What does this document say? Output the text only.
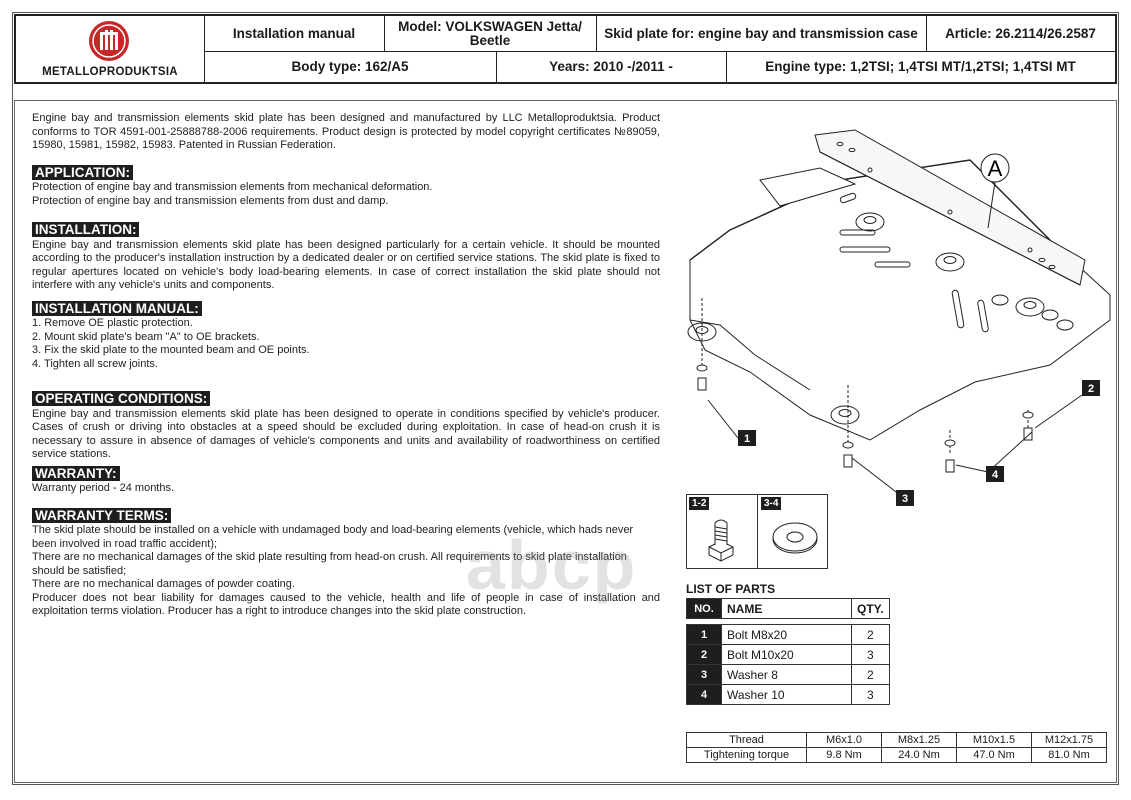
METALLOPRODUKTSIA
Installation manual	Model: VOLKSWAGEN Jetta/
Beetle	Skid plate for: engine bay and transmission case	Article: 26.2114/26.2587
Body type: 162/A5	Years: 2010 -/2011 -	Engine type: 1,2TSI; 1,4TSI MT/1,2TSI; 1,4TSI MT

Engine bay and transmission elements skid plate has been designed and manufactured by LLC Metalloproduktsia. Product conforms to TOR 4591-001-25888788-2006 requirements. Product design is protected by model copyright certificates №89059, 15980, 15981, 15982, 15983. Patented in Russian Federation.

APPLICATION:

Protection of engine bay and transmission elements from mechanical deformation.

Protection of engine bay and transmission elements from dust and damp.

INSTALLATION:

Engine bay and transmission elements skid plate has been designed particularly for a certain vehicle. It should be mounted according to the producer's installation instruction by a dedicated dealer or on certified service stations. The skid plate is fixed to regular apertures located on vehicle's body load-bearing elements. In case of correct installation the skid plate should not interfere with any vehicle's units and components.

INSTALLATION MANUAL:

1. Remove OE plastic protection.

2. Mount skid plate's beam "A" to OE brackets.

3. Fix the skid plate to the mounted beam and OE points.

4. Tighten all screw joints.

OPERATING CONDITIONS:

Engine bay and transmission elements skid plate has been designed to operate in conditions specified by vehicle's producer. Cases of crush or driving into obstacles at a speed should be excluded during exploitation. In case of head-on crush it is necessary to assure in absence of damages of vehicle's components and units and availability of roadworthiness on certified service stations.

WARRANTY:

Warranty period - 24 months.

WARRANTY TERMS:

The skid plate should be installed on a vehicle with undamaged body and load-bearing elements (vehicle, which hads never been involved in road traffic accident);

There are no mechanical damages of the skid plate resulting from head-on crush. All requirements to skid plate installation should be satisfied;

There are no mechanical damages of powder coating.

Producer does not bear liability for damages caused to the vehicle, health and life of people in case of installation and exploitation terms violation. Producer has a right to introduce changes into the skid plate construction.

abcp
A
1
2
3
4
1-2	3-4
LIST OF PARTS
NO.	NAME	QTY.

1	Bolt M8x20	2
2	Bolt M10x20	3
3	Washer 8	2
4	Washer 10	3
Thread	M6x1.0	M8x1.25	M10x1.5	M12x1.75
Tightening torque	9.8 Nm	24.0 Nm	47.0 Nm	81.0 Nm
